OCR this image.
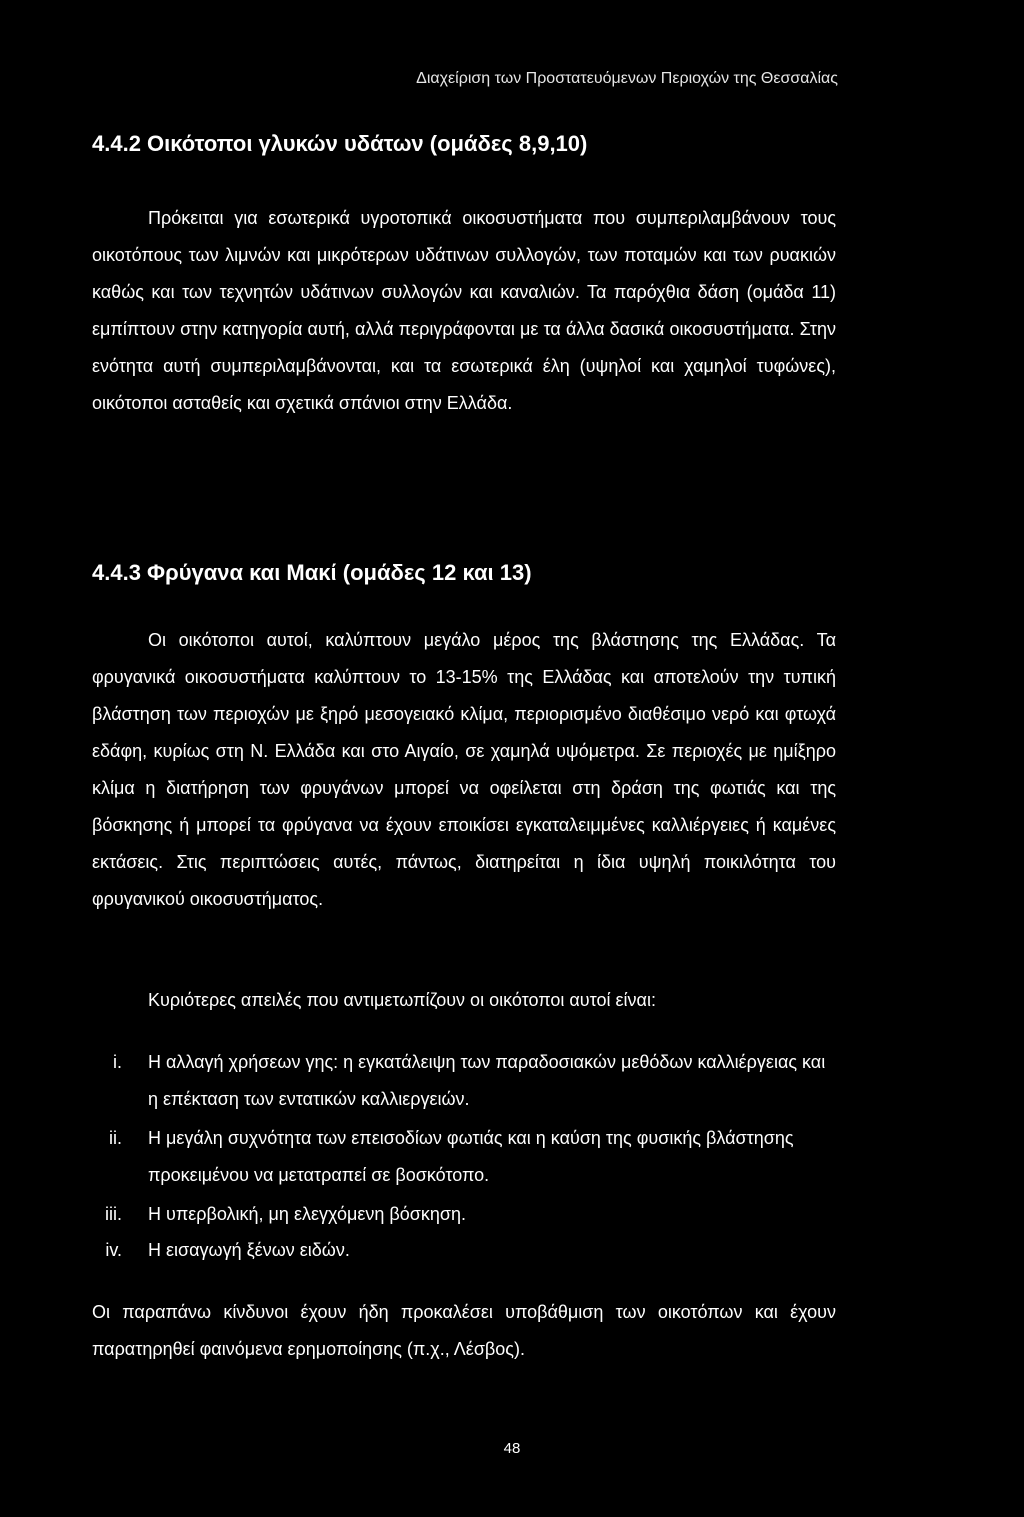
Διαχείριση των Προστατευόμενων Περιοχών της Θεσσαλίας
4.4.2 Οικότοποι γλυκών υδάτων (ομάδες 8,9,10)
Πρόκειται για εσωτερικά υγροτοπικά οικοσυστήματα που συμπεριλαμβάνουν τους οικοτόπους των λιμνών και μικρότερων υδάτινων συλλογών, των ποταμών και των ρυακιών καθώς και των τεχνητών υδάτινων συλλογών και καναλιών. Τα παρόχθια δάση (ομάδα 11) εμπίπτουν στην κατηγορία αυτή, αλλά περιγράφονται με τα άλλα δασικά οικοσυστήματα. Στην ενότητα αυτή συμπεριλαμβάνονται, και τα εσωτερικά έλη (υψηλοί και χαμηλοί τυφώνες), οικότοποι ασταθείς και σχετικά σπάνιοι στην Ελλάδα.
4.4.3 Φρύγανα και Μακί (ομάδες 12 και 13)
Οι οικότοποι αυτοί, καλύπτουν μεγάλο μέρος της βλάστησης της Ελλάδας. Τα φρυγανικά οικοσυστήματα καλύπτουν το 13-15% της Ελλάδας και αποτελούν την τυπική βλάστηση των περιοχών με ξηρό μεσογειακό κλίμα, περιορισμένο διαθέσιμο νερό και φτωχά εδάφη, κυρίως στη Ν. Ελλάδα και στο Αιγαίο, σε χαμηλά υψόμετρα. Σε περιοχές με ημίξηρο κλίμα η διατήρηση των φρυγάνων μπορεί να οφείλεται στη δράση της φωτιάς και της βόσκησης ή μπορεί τα φρύγανα να έχουν εποικίσει εγκαταλειμμένες καλλιέργειες ή καμένες εκτάσεις. Στις περιπτώσεις αυτές, πάντως, διατηρείται η ίδια υψηλή ποικιλότητα του φρυγανικού οικοσυστήματος.
Κυριότερες απειλές που αντιμετωπίζουν οι οικότοποι αυτοί είναι:
i. Η αλλαγή χρήσεων γης: η εγκατάλειψη των παραδοσιακών μεθόδων καλλιέργειας και η επέκταση των εντατικών καλλιεργειών.
ii. Η μεγάλη συχνότητα των επεισοδίων φωτιάς και η καύση της φυσικής βλάστησης προκειμένου να μετατραπεί σε βοσκότοπο.
iii. Η υπερβολική, μη ελεγχόμενη βόσκηση.
iv. Η εισαγωγή ξένων ειδών.
Οι παραπάνω κίνδυνοι έχουν ήδη προκαλέσει υποβάθμιση των οικοτόπων και έχουν παρατηρηθεί φαινόμενα ερημοποίησης (π.χ., Λέσβος).
48
